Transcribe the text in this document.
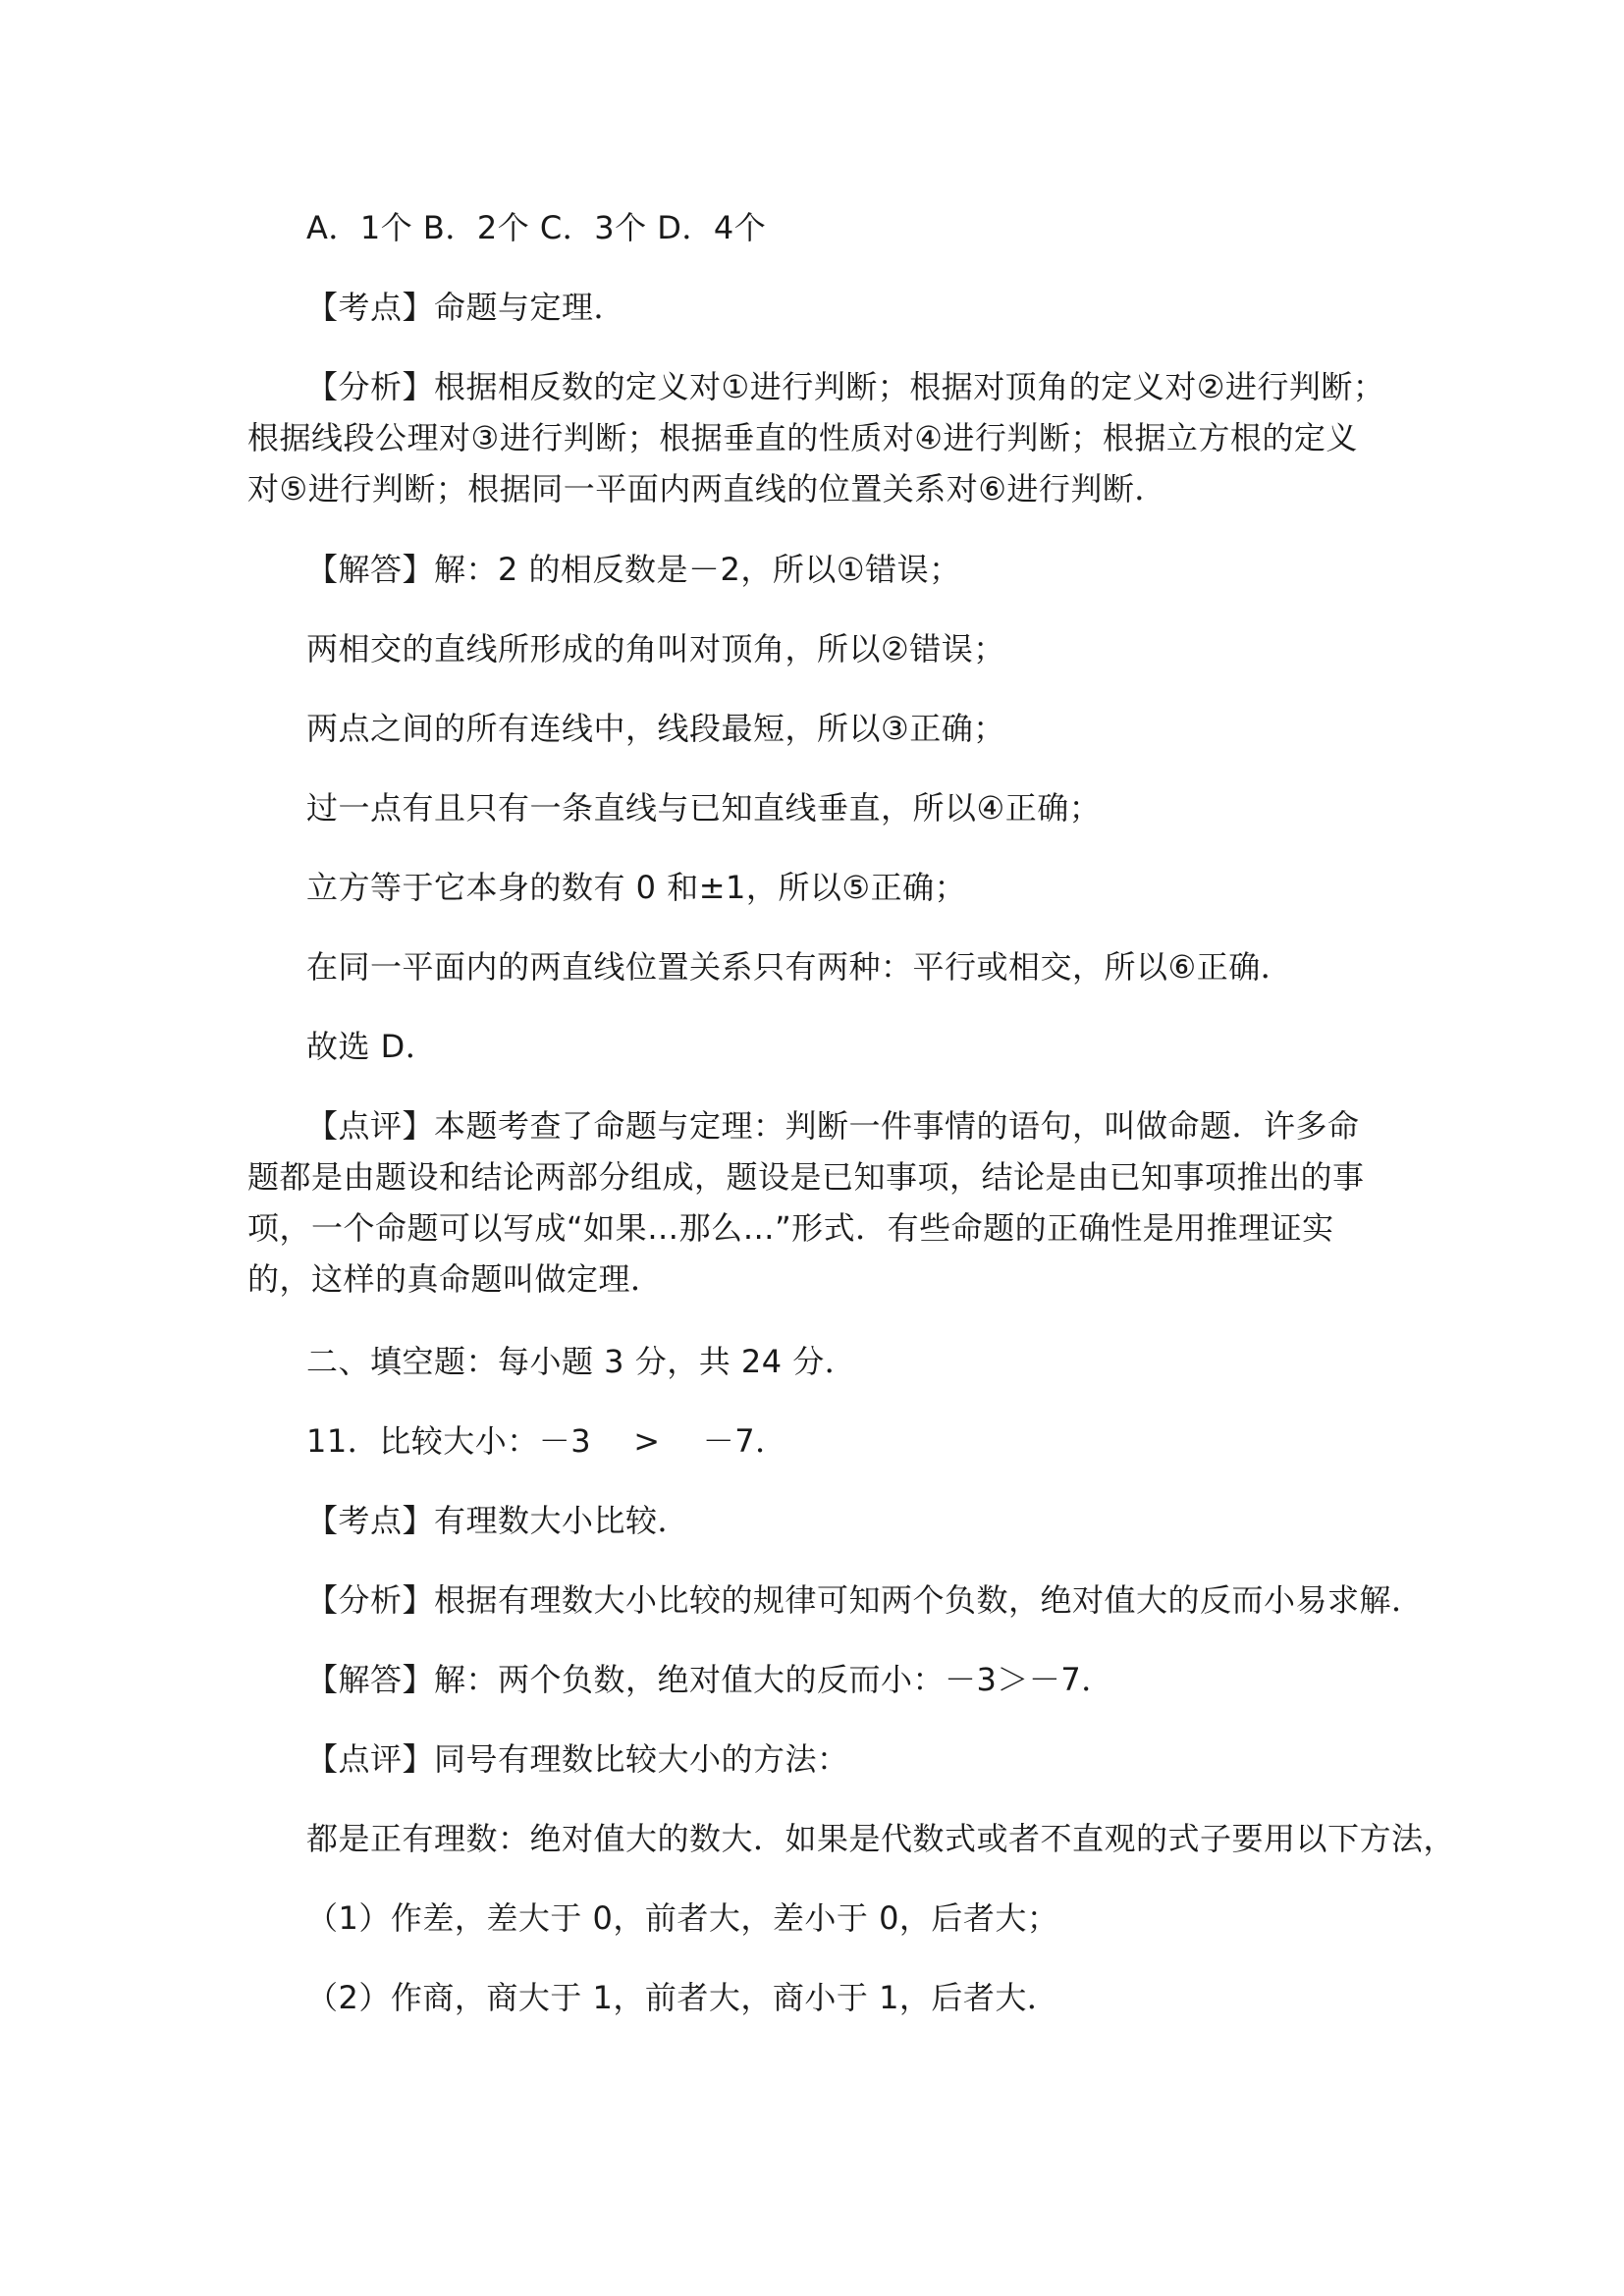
A．1个 B．2个 C．3个 D．4个
【考点】命题与定理．
【分析】根据相反数的定义对①进行判断；根据对顶角的定义对②进行判断；根据线段公理对③进行判断；根据垂直的性质对④进行判断；根据立方根的定义对⑤进行判断；根据同一平面内两直线的位置关系对⑥进行判断．
【解答】解：2 的相反数是－2，所以①错误；
两相交的直线所形成的角叫对顶角，所以②错误；
两点之间的所有连线中，线段最短，所以③正确；
过一点有且只有一条直线与已知直线垂直，所以④正确；
立方等于它本身的数有 0 和±1，所以⑤正确；
在同一平面内的两直线位置关系只有两种：平行或相交，所以⑥正确．
故选 D．
【点评】本题考查了命题与定理：判断一件事情的语句，叫做命题．许多命题都是由题设和结论两部分组成，题设是已知事项，结论是由已知事项推出的事项，一个命题可以写成“如果…那么…”形式．有些命题的正确性是用推理证实的，这样的真命题叫做定理．
二、填空题：每小题 3 分，共 24 分．
11．比较大小：－3 　>　 －7．
【考点】有理数大小比较．
【分析】根据有理数大小比较的规律可知两个负数，绝对值大的反而小易求解．
【解答】解：两个负数，绝对值大的反而小：－3＞－7．
【点评】同号有理数比较大小的方法：
都是正有理数：绝对值大的数大．如果是代数式或者不直观的式子要用以下方法，
（1）作差，差大于 0，前者大，差小于 0，后者大；
（2）作商，商大于 1，前者大，商小于 1，后者大．
